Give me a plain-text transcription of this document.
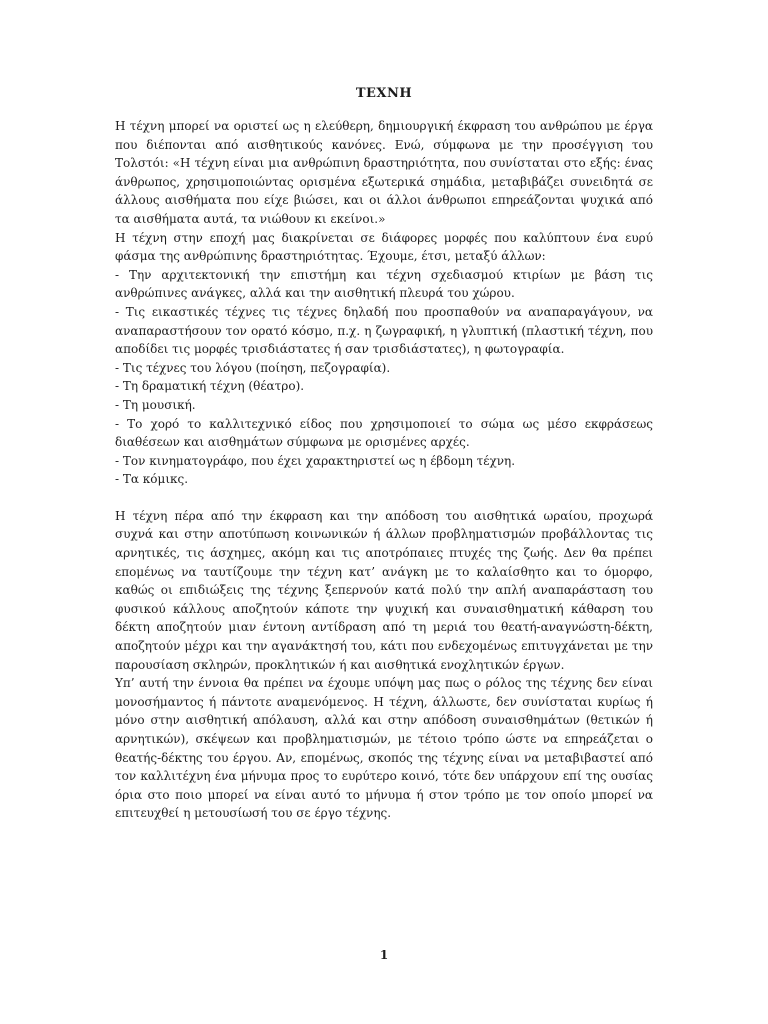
ΤΕΧΝΗ

Η τέχνη μπορεί να οριστεί ως η ελεύθερη, δημιουργική έκφραση του ανθρώπου με έργα που διέπονται από αισθητικούς κανόνες. Ενώ, σύμφωνα με την προσέγγιση του Τολστόι: «Η τέχνη είναι μια ανθρώπινη δραστηριότητα, που συνίσταται στο εξής: ένας άνθρωπος, χρησιμοποιώντας ορισμένα εξωτερικά σημάδια, μεταβιβάζει συνειδητά σε άλλους αισθήματα που είχε βιώσει, και οι άλλοι άνθρωποι επηρεάζονται ψυχικά από τα αισθήματα αυτά, τα νιώθουν κι εκείνοι.»

Η τέχνη στην εποχή μας διακρίνεται σε διάφορες μορφές που καλύπτουν ένα ευρύ φάσμα της ανθρώπινης δραστηριότητας. Έχουμε, έτσι, μεταξύ άλλων:

- Την αρχιτεκτονική την επιστήμη και τέχνη σχεδιασμού κτιρίων με βάση τις ανθρώπινες ανάγκες, αλλά και την αισθητική πλευρά του χώρου.

- Τις εικαστικές τέχνες τις τέχνες δηλαδή που προσπαθούν να αναπαραγάγουν, να αναπαραστήσουν τον ορατό κόσμο, π.χ. η ζωγραφική, η γλυπτική (πλαστική τέχνη, που αποδίδει τις μορφές τρισδιάστατες ή σαν τρισδιάστατες), η φωτογραφία.

- Τις τέχνες του λόγου (ποίηση, πεζογραφία).

- Τη δραματική τέχνη (θέατρο).

- Τη μουσική.

- Το χορό το καλλιτεχνικό είδος που χρησιμοποιεί το σώμα ως μέσο εκφράσεως διαθέσεων και αισθημάτων σύμφωνα με ορισμένες αρχές.

- Τον κινηματογράφο, που έχει χαρακτηριστεί ως η έβδομη τέχνη.

- Τα κόμικς.

Η τέχνη πέρα από την έκφραση και την απόδοση του αισθητικά ωραίου, προχωρά συχνά και στην αποτύπωση κοινωνικών ή άλλων προβληματισμών προβάλλοντας τις αρνητικές, τις άσχημες, ακόμη και τις αποτρόπαιες πτυχές της ζωής. Δεν θα πρέπει επομένως να ταυτίζουμε την τέχνη κατ’ ανάγκη με το καλαίσθητο και το όμορφο, καθώς οι επιδιώξεις της τέχνης ξεπερνούν κατά πολύ την απλή αναπαράσταση του φυσικού κάλλους αποζητούν κάποτε την ψυχική και συναισθηματική κάθαρση του δέκτη αποζητούν μιαν έντονη αντίδραση από τη μεριά του θεατή-αναγνώστη-δέκτη, αποζητούν μέχρι και την αγανάκτησή του, κάτι που ενδεχομένως επιτυγχάνεται με την παρουσίαση σκληρών, προκλητικών ή και αισθητικά ενοχλητικών έργων.

Υπ’ αυτή την έννοια θα πρέπει να έχουμε υπόψη μας πως ο ρόλος της τέχνης δεν είναι μονοσήμαντος ή πάντοτε αναμενόμενος. Η τέχνη, άλλωστε, δεν συνίσταται κυρίως ή μόνο στην αισθητική απόλαυση, αλλά και στην απόδοση συναισθημάτων (θετικών ή αρνητικών), σκέψεων και προβληματισμών, με τέτοιο τρόπο ώστε να επηρεάζεται ο θεατής-δέκτης του έργου. Αν, επομένως, σκοπός της τέχνης είναι να μεταβιβαστεί από τον καλλιτέχνη ένα μήνυμα προς το ευρύτερο κοινό, τότε δεν υπάρχουν επί της ουσίας όρια στο ποιο μπορεί να είναι αυτό το μήνυμα ή στον τρόπο με τον οποίο μπορεί να επιτευχθεί η μετουσίωσή του σε έργο τέχνης.

1
